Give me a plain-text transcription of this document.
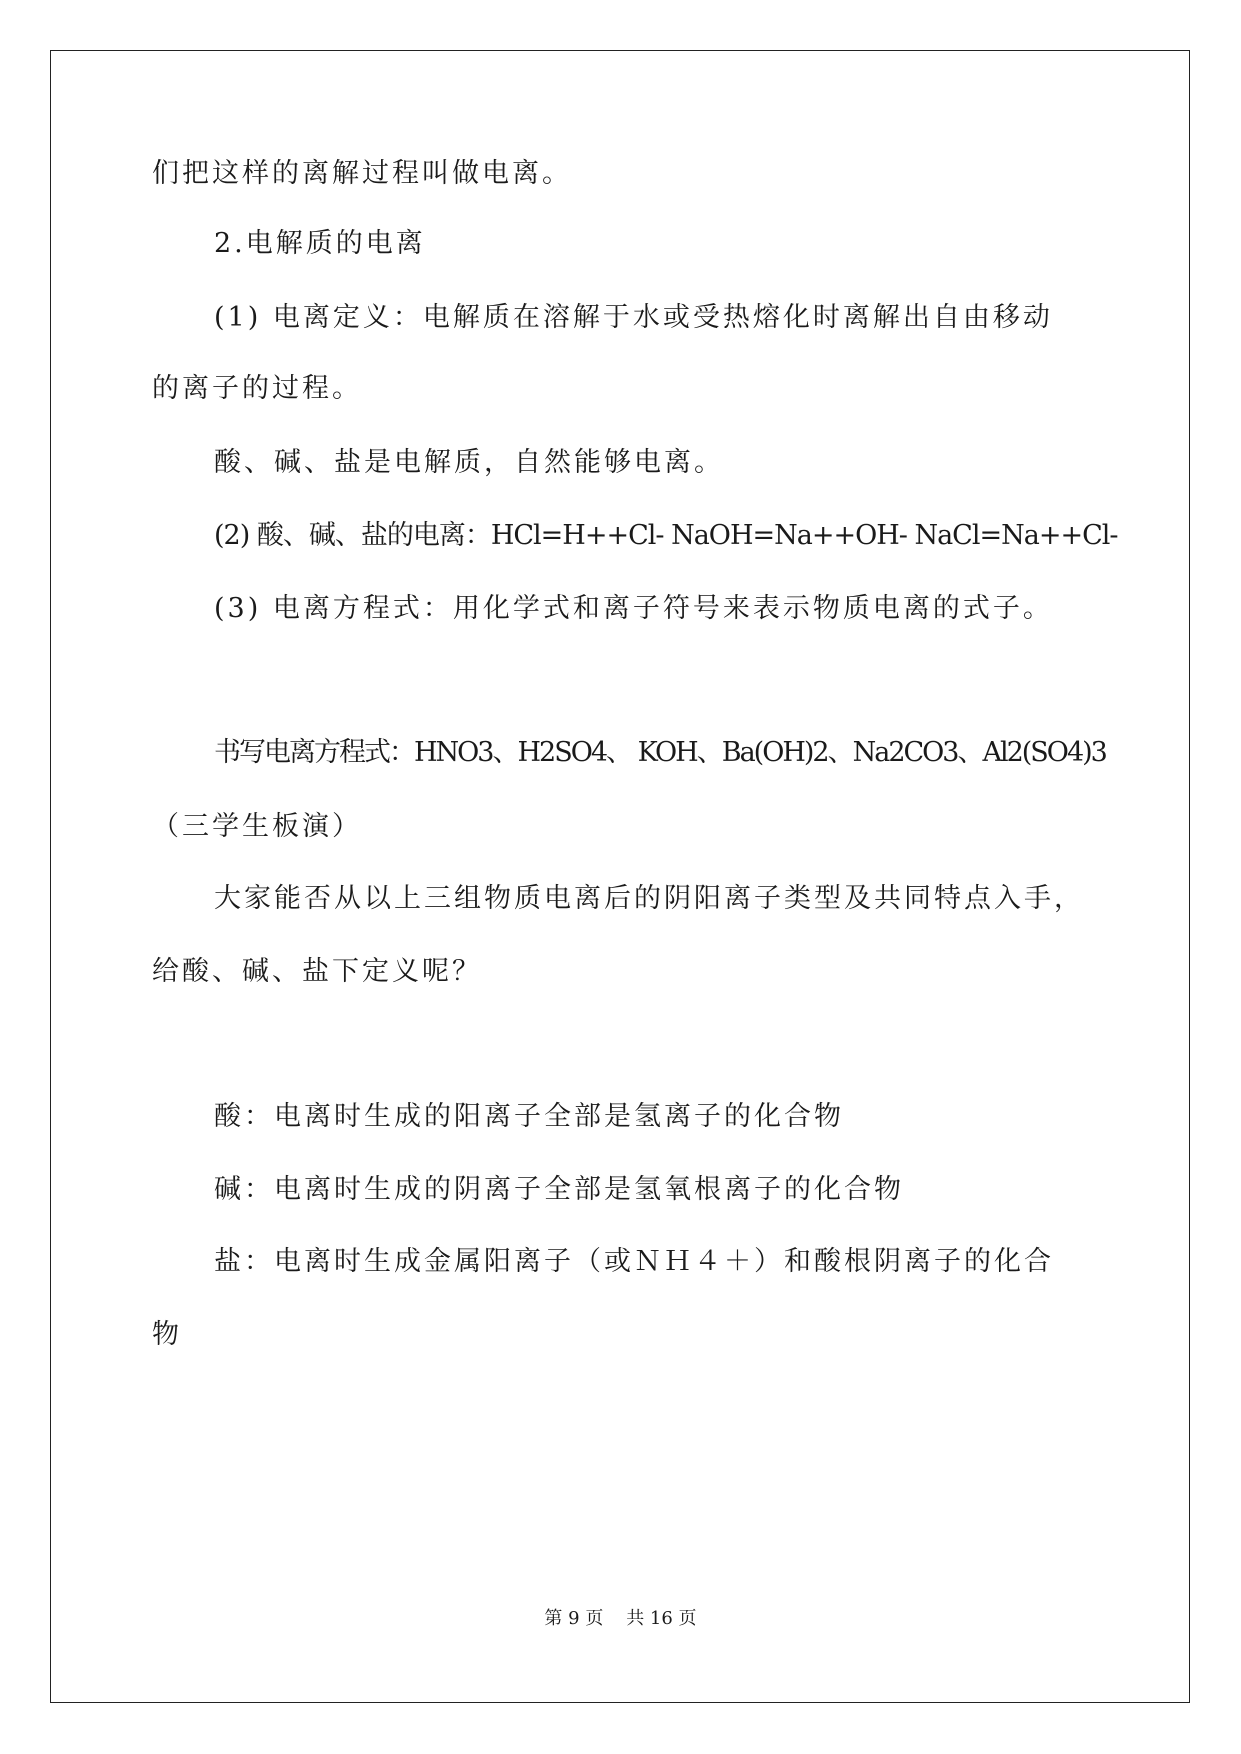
们把这样的离解过程叫做电离。
2.电解质的电离
(1) 电离定义：电解质在溶解于水或受热熔化时离解出自由移动
的离子的过程。
酸、碱、盐是电解质，自然能够电离。
(2) 酸、碱、盐的电离：HCl=H++Cl- NaOH=Na++OH- NaCl=Na++Cl-
(3) 电离方程式：用化学式和离子符号来表示物质电离的式子。
书写电离方程式：HNO3、H2SO4、 KOH、Ba(OH)2、Na2CO3、Al2(SO4)3
（三学生板演）
大家能否从以上三组物质电离后的阴阳离子类型及共同特点入手，
给酸、碱、盐下定义呢？
酸：电离时生成的阳离子全部是氢离子的化合物
碱：电离时生成的阴离子全部是氢氧根离子的化合物
盐：电离时生成金属阳离子（或ＮＨ４＋）和酸根阴离子的化合
物
第 9 页    共 16 页
